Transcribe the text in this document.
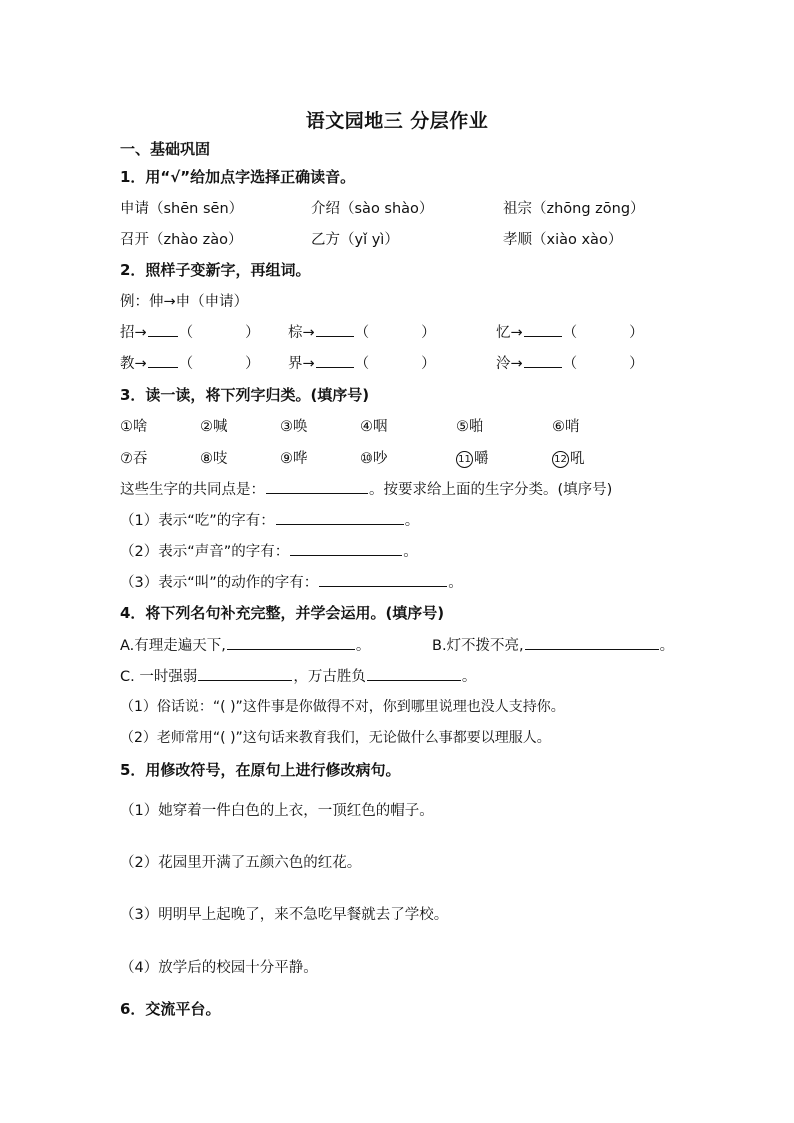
语文园地三 分层作业
一、基础巩固
1．用“√”给加点字选择正确读音。
申请（shēn sēn）	介绍（sào shào）	祖宗（zhōng zōng）
召开（zhào zào）	乙方（yǐ yì）	孝顺（xiào xào）
2．照样子变新字，再组词。
例：伸→申（申请）
招→ （	） 棕→	（	）	忆→	（	）
教→ （	） 界→	（	）	泠→	（	）
3．读一读，将下列字归类。(填序号)
①啥	②喊	③唤	④咽	⑤啪	⑥哨
⑦吞	⑧吱	⑨哗	⑩吵	11 嚼	12 吼
这些生字的共同点是：	。按要求给上面的生字分类。(填序号)
（1）表示“吃”的字有：	。
（2）表示“声音”的字有：	。
（3）表示“叫”的动作的字有：	。
4．将下列名句补充完整，并学会运用。(填序号)
A.有理走遍天下,	。	B.灯不拨不亮,	。
C. 一时强弱	，万古胜负	。
（1）俗话说：“( )”这件事是你做得不对，你到哪里说理也没人支持你。
（2）老师常用“( )”这句话来教育我们，无论做什么事都要以理服人。
5．用修改符号，在原句上进行修改病句。
（1）她穿着一件白色的上衣，一顶红色的帽子。
（2）花园里开满了五颜六色的红花。
（3）明明早上起晚了，来不急吃早餐就去了学校。
（4）放学后的校园十分平静。
6．交流平台。
